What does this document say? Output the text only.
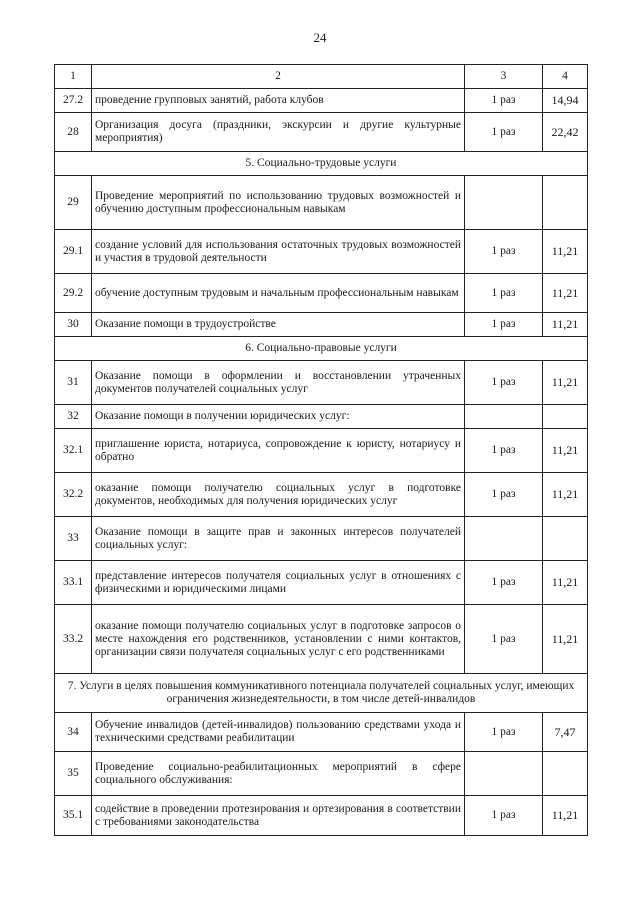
24
1	2	3	4
27.2	проведение групповых занятий, работа клубов	1 раз	14,94
28	Организация досуга (праздники, экскурсии и другие культурные мероприятия)	1 раз	22,42
5. Социально-трудовые услуги			
29	Проведение мероприятий по использованию трудовых возможностей и обучению доступным профессиональным навыкам		
29.1	создание условий для использования остаточных трудовых возможностей и участия в трудовой деятельности	1 раз	11,21
29.2	обучение доступным трудовым и начальным профессиональным навыкам	1 раз	11,21
30	Оказание помощи в трудоустройстве	1 раз	11,21
6. Социально-правовые услуги			
31	Оказание помощи в оформлении и восстановлении утраченных документов получателей социальных услуг	1 раз	11,21
32	Оказание помощи в получении юридических услуг:		
32.1	приглашение юриста, нотариуса, сопровождение к юристу, нотариусу и обратно	1 раз	11,21
32.2	оказание помощи получателю социальных услуг в подготовке документов, необходимых для получения юридических услуг	1 раз	11,21
33	Оказание помощи в защите прав и законных интересов получателей социальных услуг:		
33.1	представление интересов получателя социальных услуг в отношениях с физическими и юридическими лицами	1 раз	11,21
33.2	оказание помощи получателю социальных услуг в подготовке запросов о месте нахождения его родственников, установлении с ними контактов, организации связи получателя социальных услуг с его родственниками	1 раз	11,21
7. Услуги в целях повышения коммуникативного потенциала получателей социальных услуг, имеющих ограничения жизнедеятельности, в том числе детей-инвалидов			
34	Обучение инвалидов (детей-инвалидов) пользованию средствами ухода и техническими средствами реабилитации	1 раз	7,47
35	Проведение социально-реабилитационных мероприятий в сфере социального обслуживания:		
35.1	содействие в проведении протезирования и ортезирования в соответствии с требованиями законодательства	1 раз	11,21
